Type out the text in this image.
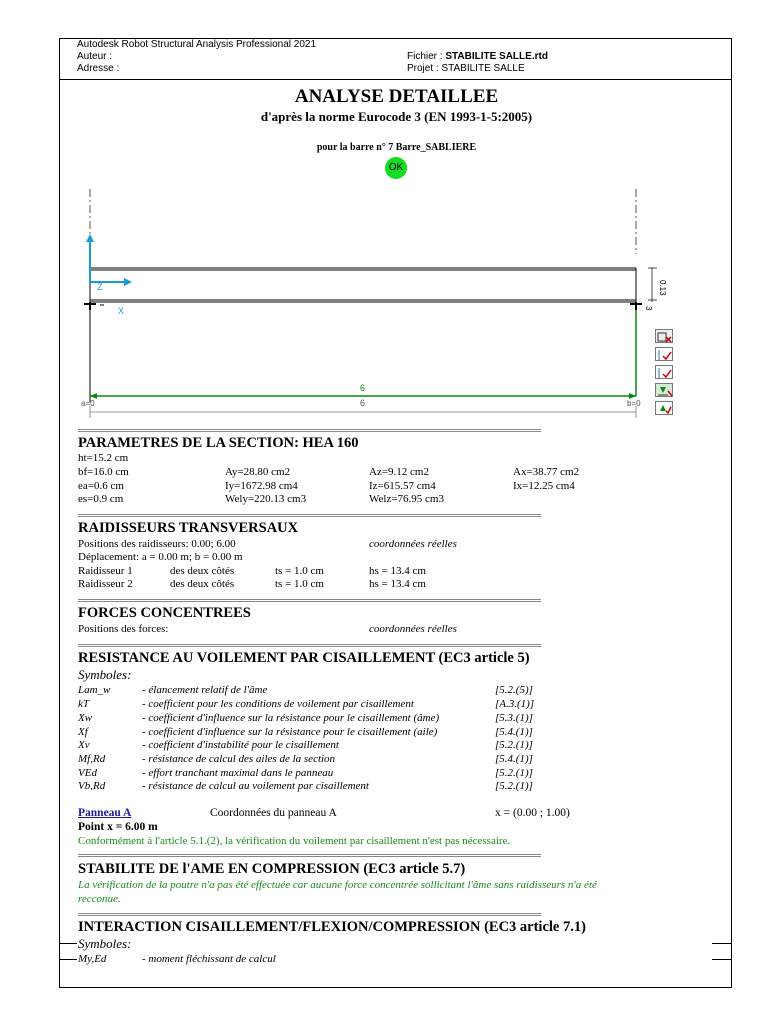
Autodesk Robot Structural Analysis Professional 2021
Auteur :
Adresse :
Fichier : STABILITE SALLE.rtd
Projet : STABILITE SALLE
ANALYSE DETAILLEE
d'après la norme Eurocode 3 (EN 1993-1-5:2005)
pour la barre n° 7 Barre_SABLIERE
OK
Z
X
0.13
3
6
a=0	b=0
6
PARAMETRES DE LA SECTION: HEA 160
ht=15.2 cm
bf=16.0 cm	Ay=28.80 cm2	Az=9.12 cm2	Ax=38.77 cm2
ea=0.6 cm	Iy=1672.98 cm4	Iz=615.57 cm4	Ix=12.25 cm4
es=0.9 cm	Wely=220.13 cm3	Welz=76.95 cm3
RAIDISSEURS TRANSVERSAUX
Positions des raidisseurs: 0.00; 6.00	coordonnées réelles
Déplacement: a = 0.00 m; b = 0.00 m
Raidisseur 1	des deux côtés	ts = 1.0 cm	hs = 13.4 cm
Raidisseur 2	des deux côtés	ts = 1.0 cm	hs = 13.4 cm
FORCES CONCENTREES
Positions des forces:	coordonnées réelles
RESISTANCE AU VOILEMENT PAR CISAILLEMENT (EC3 article 5)
Symboles:
Lam_w	- élancement relatif de l'âme	[5.2.(5)]
kT	- coefficient pour les conditions de voilement par cisaillement	[A.3.(1)]
Xw	- coefficient d'influence sur la résistance pour le cisaillement (âme)	[5.3.(1)]
Xf	- coefficient d'influence sur la résistance pour le cisaillement (aile)	[5.4.(1)]
Xv	- coefficient d'instabilité pour le cisaillement	[5.2.(1)]
Mf,Rd	- résistance de calcul des ailes de la section	[5.4.(1)]
VEd	- effort tranchant maximal dans le panneau	[5.2.(1)]
Vb,Rd	- résistance de calcul au voilement par cisaillement	[5.2.(1)]
Panneau A	Coordonnées du panneau A	x = (0.00 ; 1.00)
Point x = 6.00 m
Conformément à l'article 5.1.(2), la vérification du voilement par cisaillement n'est pas nécessaire.
STABILITE DE l'AME EN COMPRESSION (EC3 article 5.7)
La vérification de la poutre n'a pas été effectuée car aucune force concentrée sollicitant l'âme sans raidisseurs n'a été
recconue.
INTERACTION CISAILLEMENT/FLEXION/COMPRESSION (EC3 article 7.1)
Symboles:
My,Ed	- moment fléchissant de calcul
